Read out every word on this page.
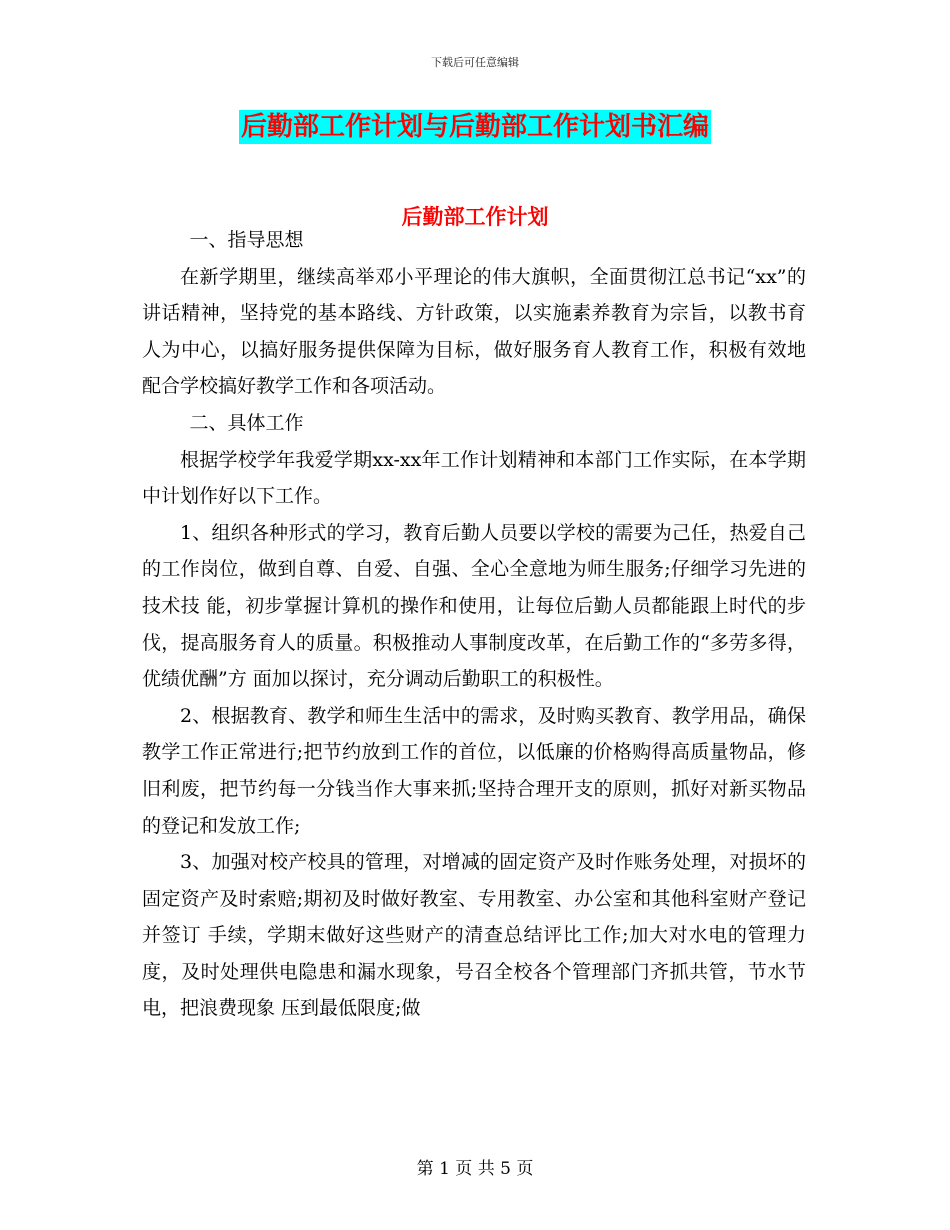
下载后可任意编辑
后勤部工作计划与后勤部工作计划书汇编
后勤部工作计划

一、指导思想

在新学期里，继续高举邓小平理论的伟大旗帜，全面贯彻江总书记“xx”的讲话精神，坚持党的基本路线、方针政策，以实施素养教育为宗旨，以教书育人为中心，以搞好服务提供保障为目标，做好服务育人教育工作，积极有效地配合学校搞好教学工作和各项活动。

二、具体工作

根据学校学年我爱学期xx-xx年工作计划精神和本部门工作实际，在本学期中计划作好以下工作。

1、组织各种形式的学习，教育后勤人员要以学校的需要为己任，热爱自己的工作岗位，做到自尊、自爱、自强、全心全意地为师生服务;仔细学习先进的技术技 能，初步掌握计算机的操作和使用，让每位后勤人员都能跟上时代的步伐，提高服务育人的质量。积极推动人事制度改革，在后勤工作的“多劳多得，优绩优酬”方 面加以探讨，充分调动后勤职工的积极性。

2、根据教育、教学和师生生活中的需求，及时购买教育、教学用品，确保教学工作正常进行;把节约放到工作的首位，以低廉的价格购得高质量物品，修旧利废，把节约每一分钱当作大事来抓;坚持合理开支的原则，抓好对新买物品的登记和发放工作;

3、加强对校产校具的管理，对增减的固定资产及时作账务处理，对损坏的固定资产及时索赔;期初及时做好教室、专用教室、办公室和其他科室财产登记并签订 手续，学期末做好这些财产的清查总结评比工作;加大对水电的管理力度，及时处理供电隐患和漏水现象，号召全校各个管理部门齐抓共管，节水节电，把浪费现象 压到最低限度;做

第 1 页 共 5 页
